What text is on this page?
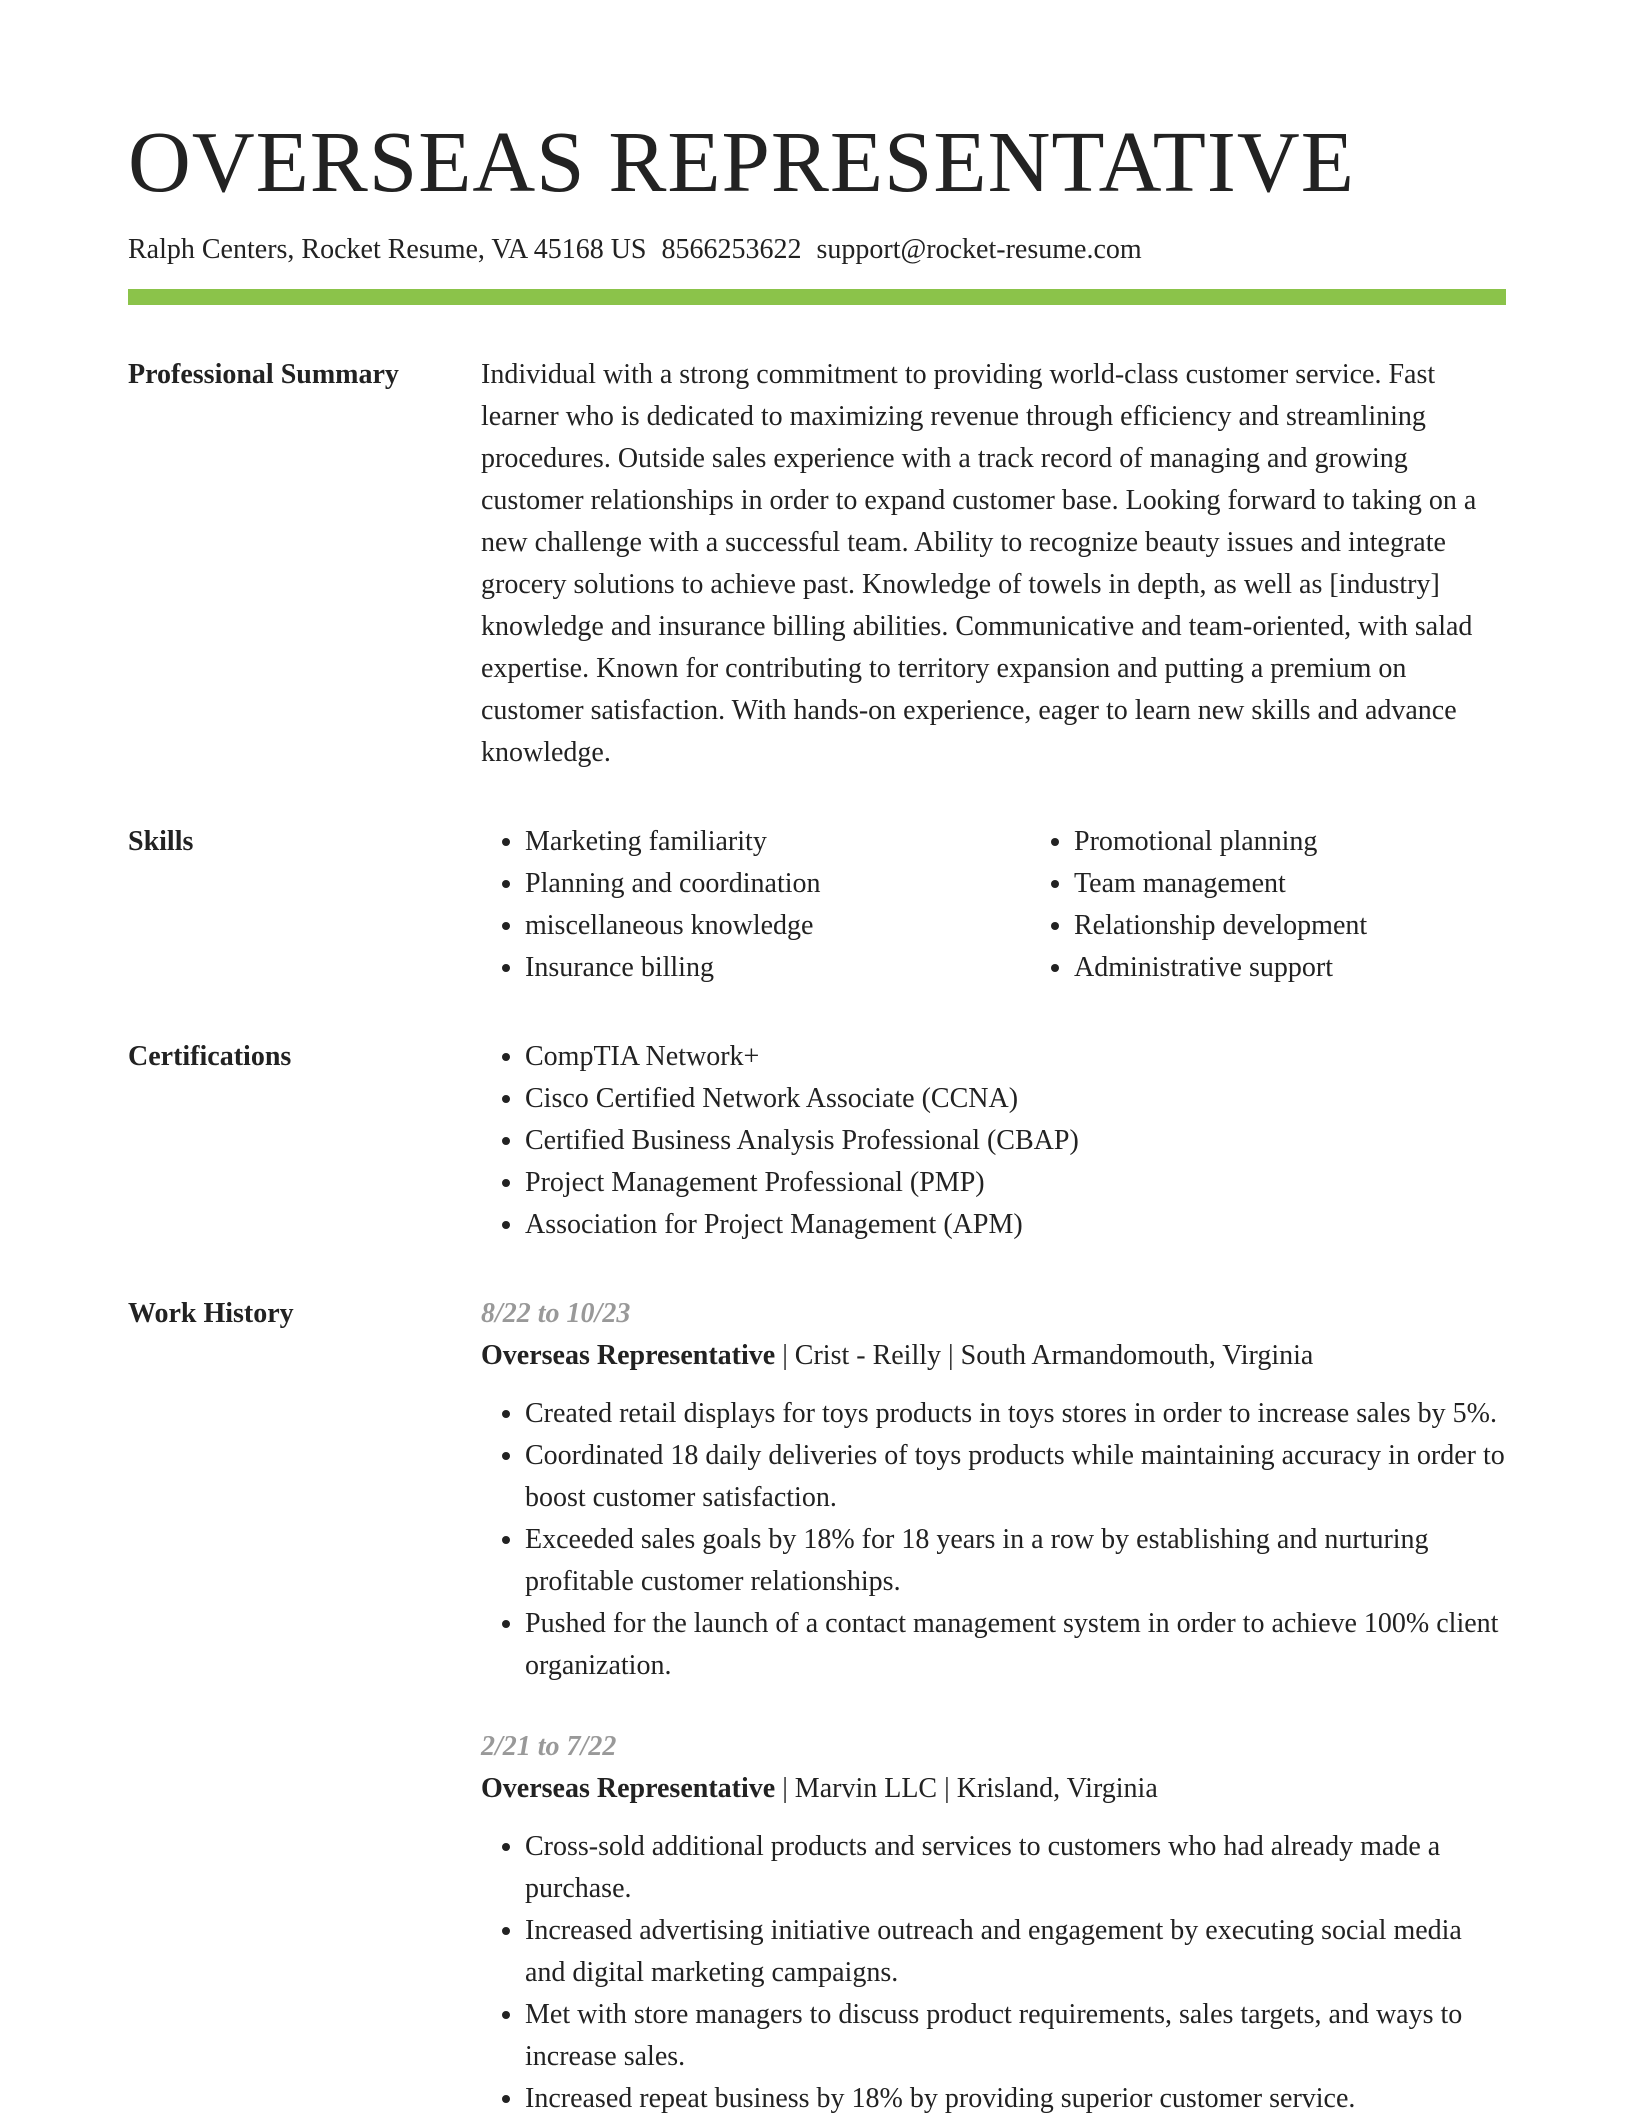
OVERSEAS REPRESENTATIVE
Ralph Centers, Rocket Resume, VA 45168 US 8566253622 support@rocket-resume.com
Professional Summary	Individual with a strong commitment to providing world-class customer service. Fast learner who is dedicated to maximizing revenue through efficiency and streamlining procedures. Outside sales experience with a track record of managing and growing customer relationships in order to expand customer base. Looking forward to taking on a new challenge with a successful team. Ability to recognize beauty issues and integrate grocery solutions to achieve past. Knowledge of towels in depth, as well as [industry] knowledge and insurance billing abilities. Communicative and team-oriented, with salad expertise. Known for contributing to territory expansion and putting a premium on customer satisfaction. With hands-on experience, eager to learn new skills and advance knowledge.
Skills	• Marketing familiarity
• Planning and coordination
• miscellaneous knowledge
• Insurance billing
• Promotional planning
• Team management
• Relationship development
• Administrative support
Certifications	• CompTIA Network+
• Cisco Certified Network Associate (CCNA)
• Certified Business Analysis Professional (CBAP)
• Project Management Professional (PMP)
• Association for Project Management (APM)
Work History	8/22 to 10/23
Overseas Representative | Crist - Reilly | South Armandomouth, Virginia
• Created retail displays for toys products in toys stores in order to increase sales by 5%.
• Coordinated 18 daily deliveries of toys products while maintaining accuracy in order to boost customer satisfaction.
• Exceeded sales goals by 18% for 18 years in a row by establishing and nurturing profitable customer relationships.
• Pushed for the launch of a contact management system in order to achieve 100% client organization.
2/21 to 7/22
Overseas Representative | Marvin LLC | Krisland, Virginia
• Cross-sold additional products and services to customers who had already made a purchase.
• Increased advertising initiative outreach and engagement by executing social media and digital marketing campaigns.
• Met with store managers to discuss product requirements, sales targets, and ways to increase sales.
• Increased repeat business by 18% by providing superior customer service.
